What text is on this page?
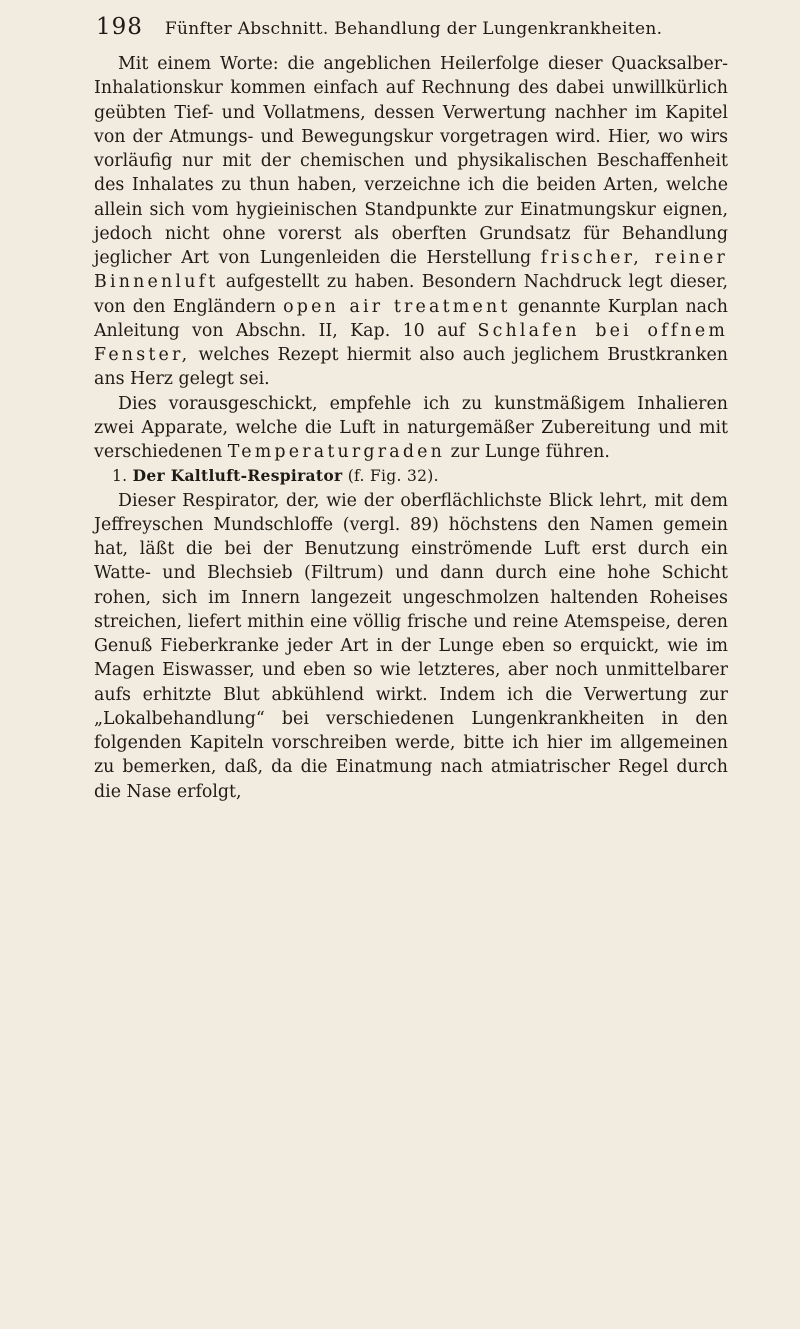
198 Fünfter Abschnitt. Behandlung der Lungenkrankheiten.

Mit einem Worte: die angeblichen Heilerfolge dieser Quacksalber-Inhalationskur kommen einfach auf Rechnung des dabei unwillkürlich geübten Tief- und Vollatmens, dessen Verwertung nachher im Kapitel von der Atmungs- und Bewegungskur vorgetragen wird. Hier, wo wirs vorläufig nur mit der chemischen und physikalischen Beschaffenheit des Inhalates zu thun haben, verzeichne ich die beiden Arten, welche allein sich vom hygieinischen Standpunkte zur Einatmungskur eignen, jedoch nicht ohne vorerst als oberften Grundsatz für Behandlung jeglicher Art von Lungenleiden die Herstellung frischer, reiner Binnenluft aufgestellt zu haben. Besondern Nachdruck legt dieser, von den Engländern open air treatment genannte Kurplan nach Anleitung von Abschn. II, Kap. 10 auf Schlafen bei offnem Fenster, welches Rezept hiermit also auch jeglichem Brustkranken ans Herz gelegt sei.

Dies vorausgeschickt, empfehle ich zu kunstmäßigem Inhalieren zwei Apparate, welche die Luft in naturgemäßer Zubereitung und mit verschiedenen Temperaturgraden zur Lunge führen.

1. Der Kaltluft-Respirator (f. Fig. 32).

Dieser Respirator, der, wie der oberflächlichste Blick lehrt, mit dem Jeffreyschen Mundschloffe (vergl. 89) höchstens den Namen gemein hat, läßt die bei der Benutzung einströmende Luft erst durch ein Watte- und Blechsieb (Filtrum) und dann durch eine hohe Schicht rohen, sich im Innern langezeit ungeschmolzen haltenden Roheises streichen, liefert mithin eine völlig frische und reine Atemspeise, deren Genuß Fieberkranke jeder Art in der Lunge eben so erquickt, wie im Magen Eiswasser, und eben so wie letzteres, aber noch unmittelbarer aufs erhitzte Blut abkühlend wirkt. Indem ich die Verwertung zur „Lokalbehandlung“ bei verschiedenen Lungenkrankheiten in den folgenden Kapiteln vorschreiben werde, bitte ich hier im allgemeinen zu bemerken, daß, da die Einatmung nach atmiatrischer Regel durch die Nase erfolgt,
